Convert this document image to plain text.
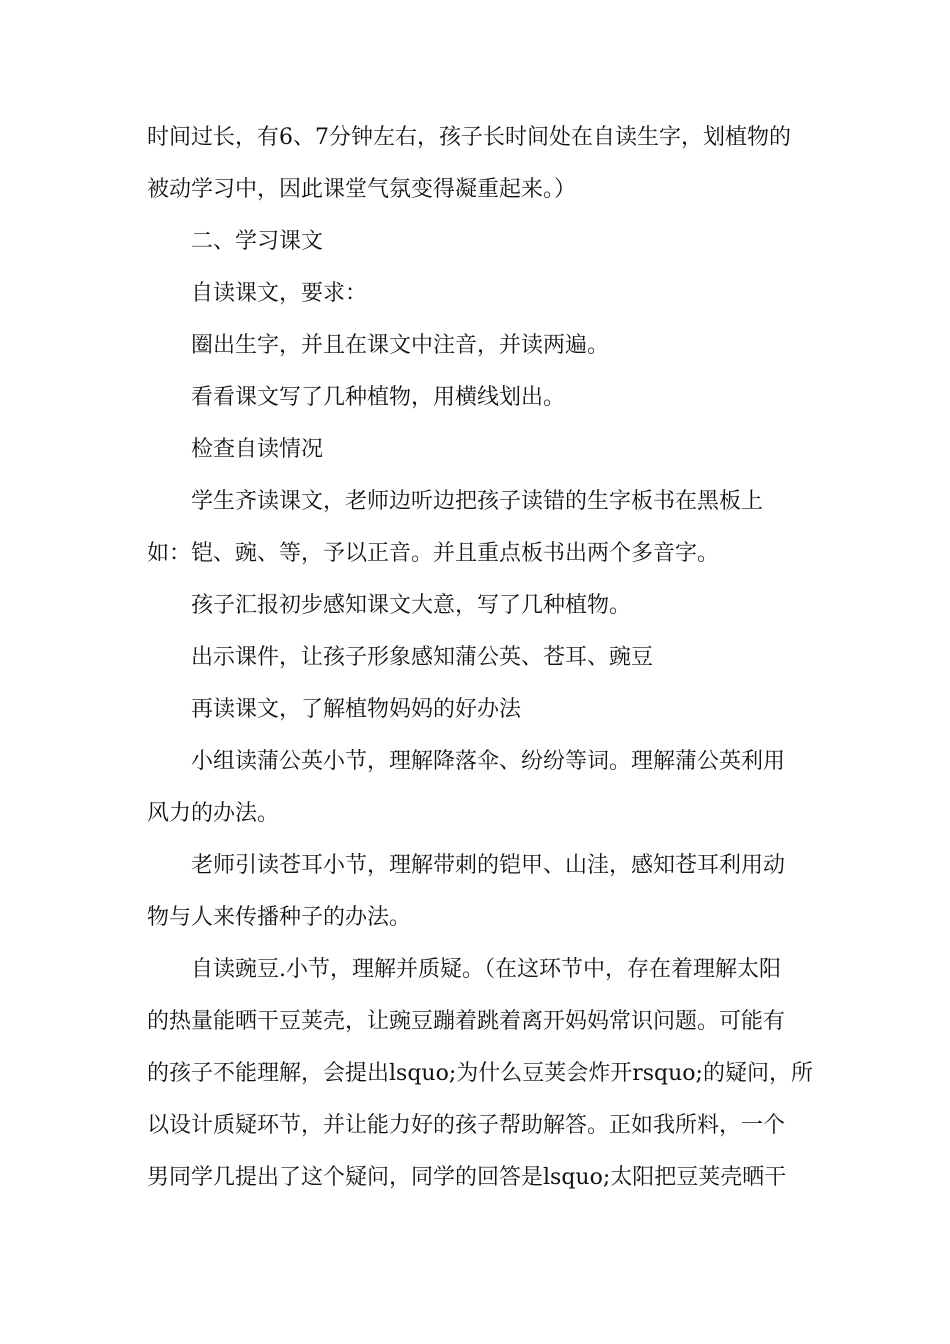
时间过长，有6、7分钟左右，孩子长时间处在自读生字，划植物的
被动学习中，因此课堂气氛变得凝重起来。）
二、学习课文
自读课文，要求：
圈出生字，并且在课文中注音，并读两遍。
看看课文写了几种植物，用横线划出。
检查自读情况
学生齐读课文，老师边听边把孩子读错的生字板书在黑板上
如：铠、豌、等，予以正音。并且重点板书出两个多音字。
孩子汇报初步感知课文大意，写了几种植物。
出示课件，让孩子形象感知蒲公英、苍耳、豌豆
再读课文，了解植物妈妈的好办法
小组读蒲公英小节，理解降落伞、纷纷等词。理解蒲公英利用
风力的办法。
老师引读苍耳小节，理解带刺的铠甲、山洼，感知苍耳利用动
物与人来传播种子的办法。
自读豌豆.小节，理解并质疑。（在这环节中，存在着理解太阳
的热量能晒干豆荚壳，让豌豆蹦着跳着离开妈妈常识问题。可能有
的孩子不能理解，会提出lsquo;为什么豆荚会炸开rsquo;的疑问，所
以设计质疑环节，并让能力好的孩子帮助解答。正如我所料，一个
男同学几提出了这个疑问，同学的回答是lsquo;太阳把豆荚壳晒干
